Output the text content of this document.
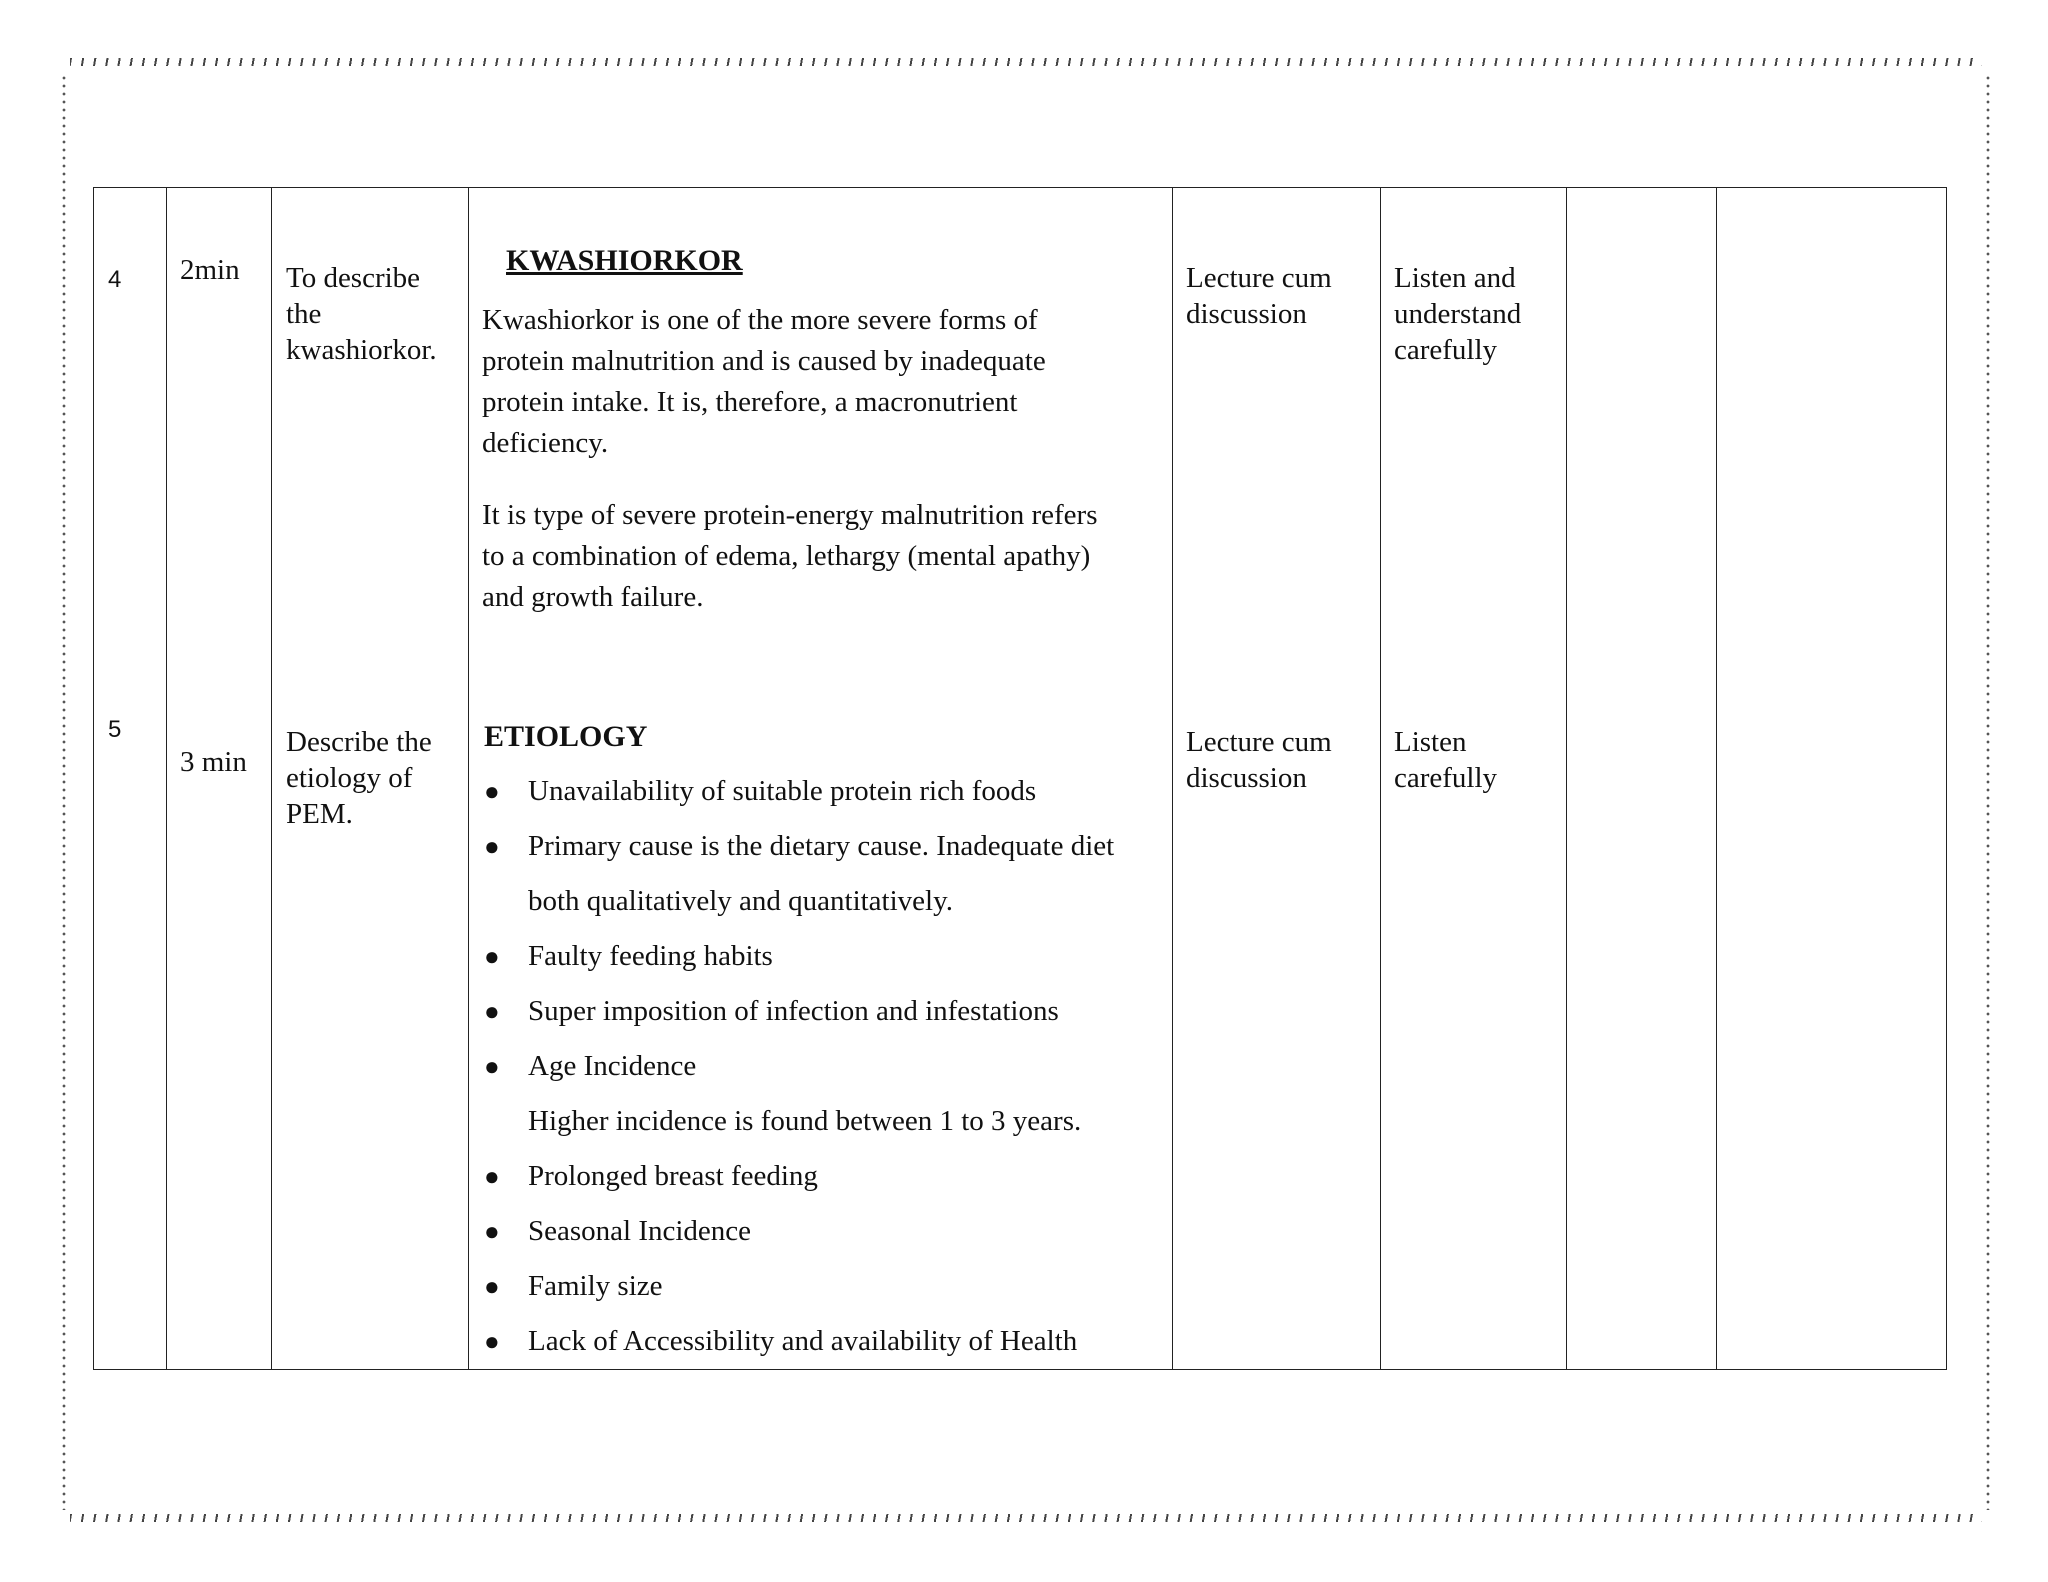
4 2min To describe
the
kwashiorkor.
KWASHIORKOR
Kwashiorkor is one of the more severe forms of
protein malnutrition and is caused by inadequate
protein intake. It is, therefore, a macronutrient
deficiency.
It is type of severe protein-energy malnutrition refers
to a combination of edema, lethargy (mental apathy)
and growth failure.
Lecture cum
discussion
Listen and
understand
carefully
5
3 min
Describe the
etiology of
PEM.
ETIOLOGY
● Unavailability of suitable protein rich foods
● Primary cause is the dietary cause. Inadequate diet
both qualitatively and quantitatively.
● Faulty feeding habits
● Super imposition of infection and infestations
● Age Incidence
Higher incidence is found between 1 to 3 years.
● Prolonged breast feeding
● Seasonal Incidence
● Family size
● Lack of Accessibility and availability of Health
Lecture cum
discussion
Listen
carefully
